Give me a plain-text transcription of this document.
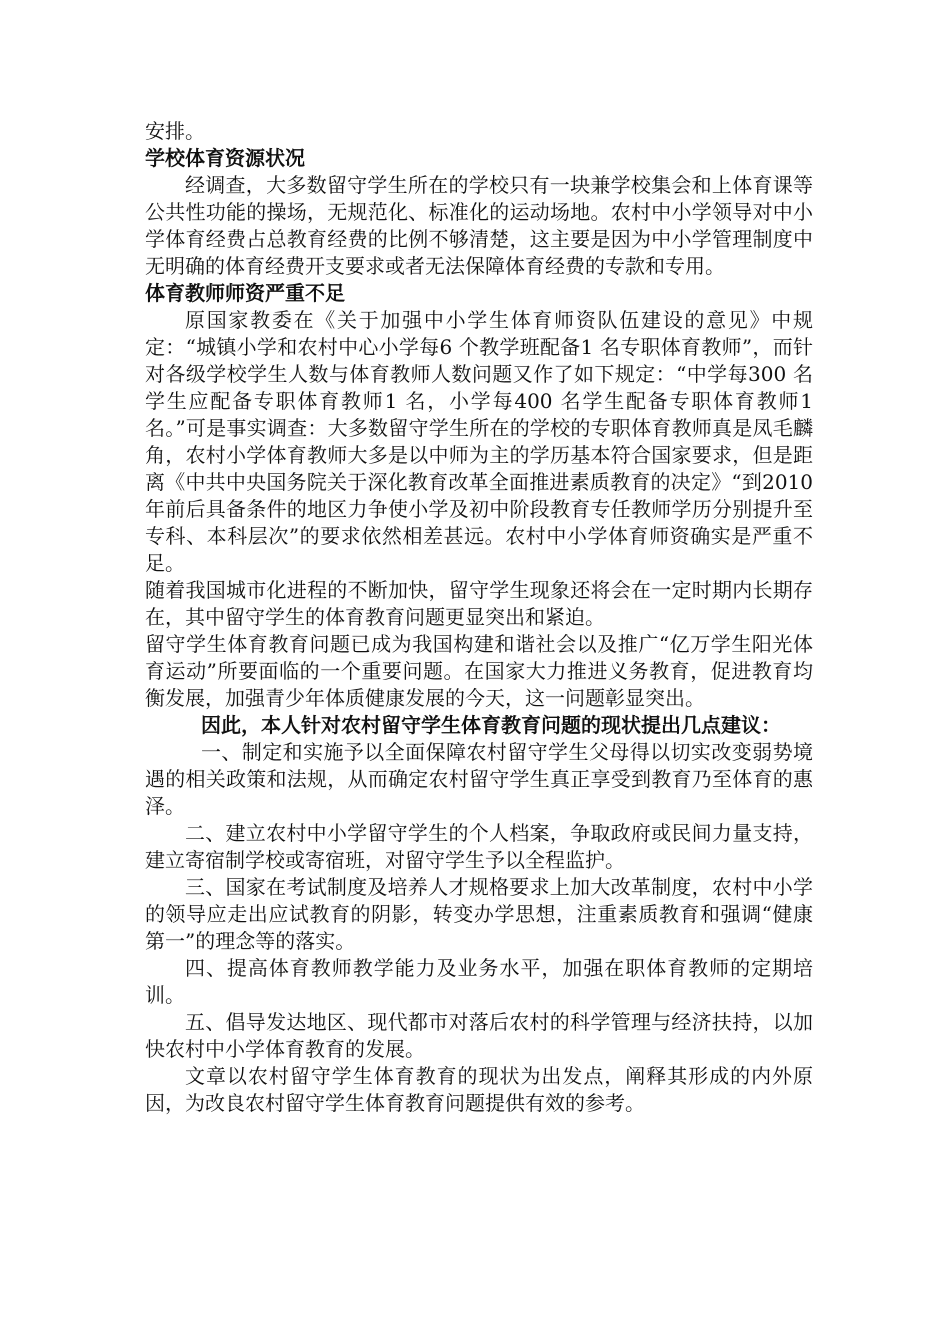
安排。

学校体育资源状况

经调查，大多数留守学生所在的学校只有一块兼学校集会和上体育课等公共性功能的操场，无规范化、标准化的运动场地。农村中小学领导对中小学体育经费占总教育经费的比例不够清楚，这主要是因为中小学管理制度中无明确的体育经费开支要求或者无法保障体育经费的专款和专用。

体育教师师资严重不足

原国家教委在《关于加强中小学生体育师资队伍建设的意见》中规定：“城镇小学和农村中心小学每6 个教学班配备1 名专职体育教师”，而针对各级学校学生人数与体育教师人数问题又作了如下规定：“中学每300 名学生应配备专职体育教师1 名，小学每400 名学生配备专职体育教师1名。”可是事实调查：大多数留守学生所在的学校的专职体育教师真是凤毛麟角，农村小学体育教师大多是以中师为主的学历基本符合国家要求，但是距离《中共中央国务院关于深化教育改革全面推进素质教育的决定》“到2010 年前后具备条件的地区力争使小学及初中阶段教育专任教师学历分别提升至专科、本科层次”的要求依然相差甚远。农村中小学体育师资确实是严重不足。

随着我国城市化进程的不断加快，留守学生现象还将会在一定时期内长期存在，其中留守学生的体育教育问题更显突出和紧迫。

留守学生体育教育问题已成为我国构建和谐社会以及推广“亿万学生阳光体育运动”所要面临的一个重要问题。在国家大力推进义务教育，促进教育均衡发展，加强青少年体质健康发展的今天，这一问题彰显突出。

因此，本人针对农村留守学生体育教育问题的现状提出几点建议：

一、制定和实施予以全面保障农村留守学生父母得以切实改变弱势境遇的相关政策和法规，从而确定农村留守学生真正享受到教育乃至体育的惠泽。

二、建立农村中小学留守学生的个人档案，争取政府或民间力量支持，建立寄宿制学校或寄宿班，对留守学生予以全程监护。

三、国家在考试制度及培养人才规格要求上加大改革制度，农村中小学的领导应走出应试教育的阴影，转变办学思想，注重素质教育和强调“健康第一”的理念等的落实。

四、提高体育教师教学能力及业务水平，加强在职体育教师的定期培训。

五、倡导发达地区、现代都市对落后农村的科学管理与经济扶持，以加快农村中小学体育教育的发展。

文章以农村留守学生体育教育的现状为出发点，阐释其形成的内外原因，为改良农村留守学生体育教育问题提供有效的参考。
